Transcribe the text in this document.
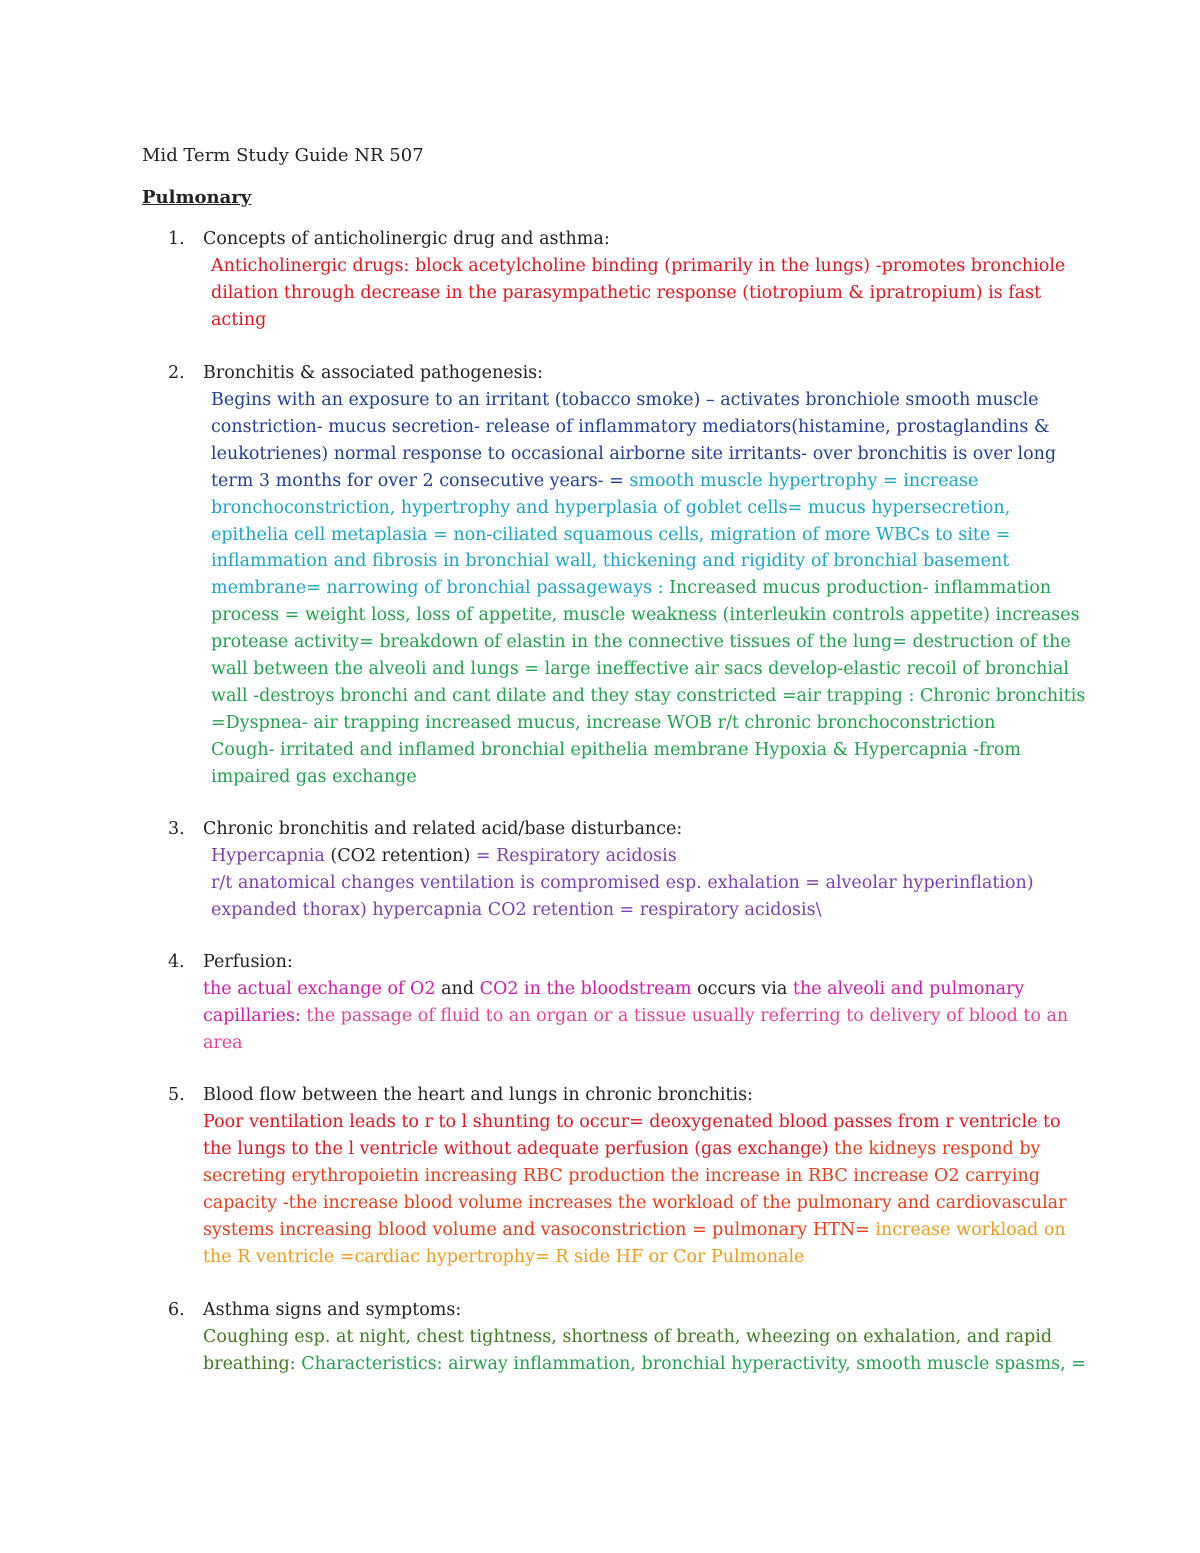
Mid Term Study Guide NR 507
Pulmonary
1. Concepts of anticholinergic drug and asthma:
Anticholinergic drugs: block acetylcholine binding (primarily in the lungs) -promotes bronchiole
dilation through decrease in the parasympathetic response (tiotropium & ipratropium) is fast
acting
2. Bronchitis & associated pathogenesis:
Begins with an exposure to an irritant (tobacco smoke) – activates bronchiole smooth muscle
constriction- mucus secretion- release of inflammatory mediators(histamine, prostaglandins &
leukotrienes) normal response to occasional airborne site irritants- over bronchitis is over long
term 3 months for over 2 consecutive years- = smooth muscle hypertrophy = increase
bronchoconstriction, hypertrophy and hyperplasia of goblet cells= mucus hypersecretion,
epithelia cell metaplasia = non-ciliated squamous cells, migration of more WBCs to site =
inflammation and fibrosis in bronchial wall, thickening and rigidity of bronchial basement
membrane= narrowing of bronchial passageways : Increased mucus production- inflammation
process = weight loss, loss of appetite, muscle weakness (interleukin controls appetite) increases
protease activity= breakdown of elastin in the connective tissues of the lung= destruction of the
wall between the alveoli and lungs = large ineffective air sacs develop-elastic recoil of bronchial
wall -destroys bronchi and cant dilate and they stay constricted =air trapping : Chronic bronchitis
=Dyspnea- air trapping increased mucus, increase WOB r/t chronic bronchoconstriction
Cough- irritated and inflamed bronchial epithelia membrane Hypoxia & Hypercapnia -from
impaired gas exchange
3. Chronic bronchitis and related acid/base disturbance:
Hypercapnia (CO2 retention) = Respiratory acidosis
r/t anatomical changes ventilation is compromised esp. exhalation = alveolar hyperinflation)
expanded thorax) hypercapnia CO2 retention = respiratory acidosis\
4. Perfusion:
the actual exchange of O2 and CO2 in the bloodstream occurs via the alveoli and pulmonary
capillaries: the passage of fluid to an organ or a tissue usually referring to delivery of blood to an
area
5. Blood flow between the heart and lungs in chronic bronchitis:
Poor ventilation leads to r to l shunting to occur= deoxygenated blood passes from r ventricle to
the lungs to the l ventricle without adequate perfusion (gas exchange) the kidneys respond by
secreting erythropoietin increasing RBC production the increase in RBC increase O2 carrying
capacity -the increase blood volume increases the workload of the pulmonary and cardiovascular
systems increasing blood volume and vasoconstriction = pulmonary HTN= increase workload on
the R ventricle =cardiac hypertrophy= R side HF or Cor Pulmonale
6. Asthma signs and symptoms:
Coughing esp. at night, chest tightness, shortness of breath, wheezing on exhalation, and rapid
breathing: Characteristics: airway inflammation, bronchial hyperactivity, smooth muscle spasms, =
